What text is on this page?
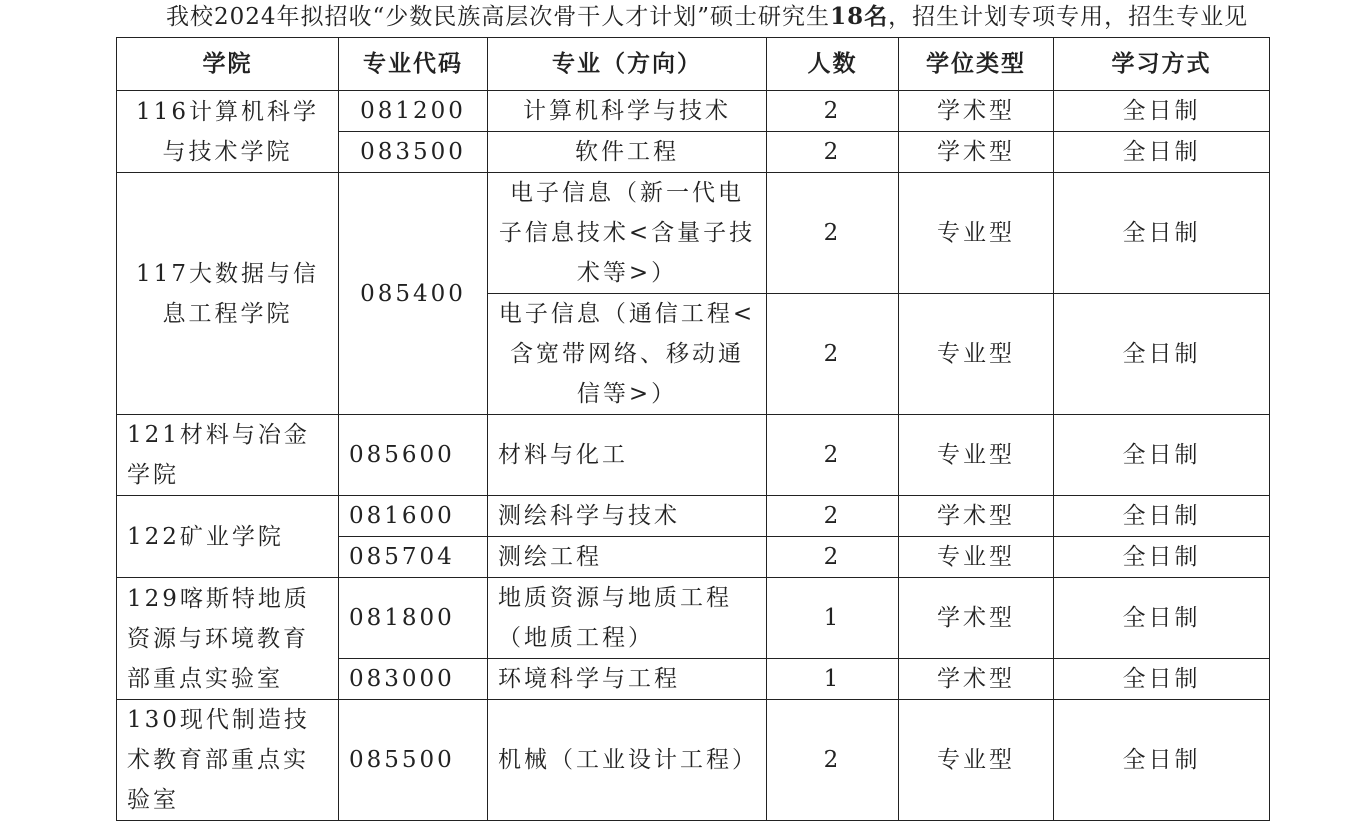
我校2024年拟招收“少数民族高层次骨干人才计划”硕士研究生18名，招生计划专项专用，招生专业见
学院	专业代码	专业（方向）	人数	学位类型	学习方式
116计算机科学与技术学院	081200	计算机科学与技术	2	学术型	全日制
	083500	软件工程	2	学术型	全日制
117大数据与信息工程学院	085400	电子信息（新一代电子信息技术<含量子技术等>）	2	专业型	全日制
		电子信息（通信工程<含宽带网络、移动通信等>）	2	专业型	全日制
121材料与冶金学院	085600	材料与化工	2	专业型	全日制
122矿业学院	081600	测绘科学与技术	2	学术型	全日制
	085704	测绘工程	2	专业型	全日制
129喀斯特地质资源与环境教育部重点实验室	081800	地质资源与地质工程（地质工程）	1	学术型	全日制
	083000	环境科学与工程	1	学术型	全日制
130现代制造技术教育部重点实验室	085500	机械（工业设计工程）	2	专业型	全日制
